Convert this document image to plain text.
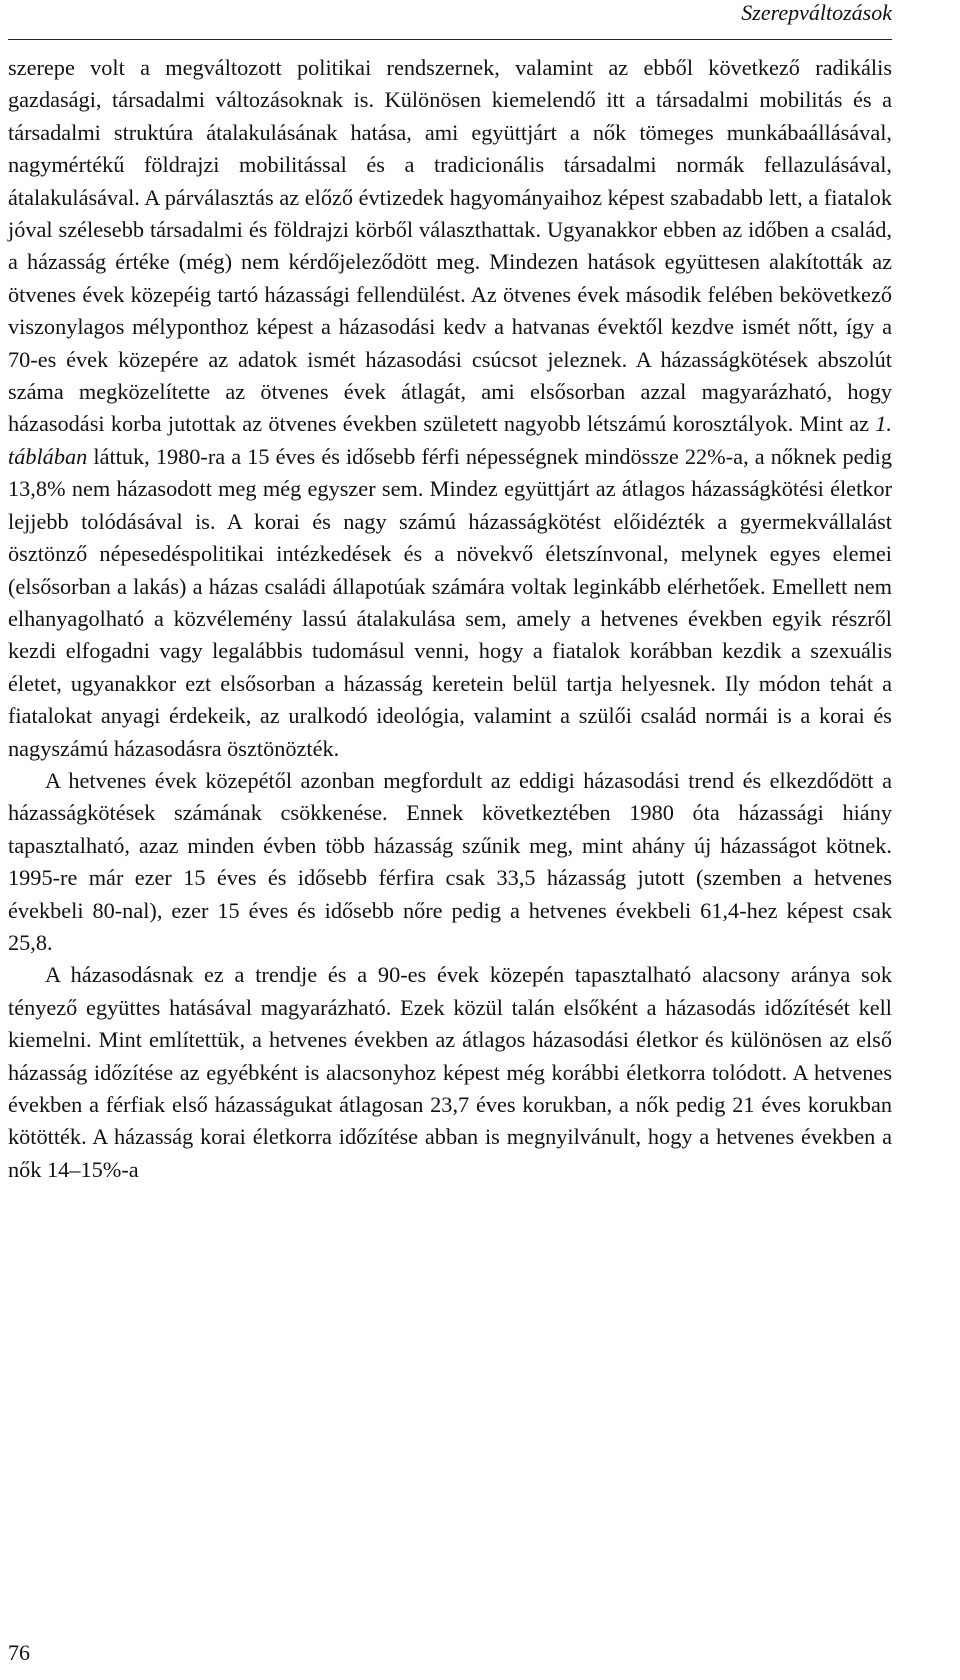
Szerepváltozások

szerepe volt a megváltozott politikai rendszernek, valamint az ebből következő radikális gazdasági, társadalmi változásoknak is. Különösen kiemelendő itt a társadalmi mobilitás és a társadalmi struktúra átalakulásának hatása, ami együttjárt a nők tömeges munkábaállásával, nagymértékű földrajzi mobilitással és a tradicionális társadalmi normák fellazulásával, átalakulásával. A párválasztás az előző évtizedek hagyományaihoz képest szabadabb lett, a fiatalok jóval szélesebb társadalmi és földrajzi körből választhattak. Ugyanakkor ebben az időben a család, a házasság értéke (még) nem kérdőjeleződött meg. Mindezen hatások együttesen alakították az ötvenes évek közepéig tartó házassági fellendülést. Az ötvenes évek második felében bekövetkező viszonylagos mélyponthoz képest a házasodási kedv a hatvanas évektől kezdve ismét nőtt, így a 70-es évek közepére az adatok ismét házasodási csúcsot jeleznek. A házasságkötések abszolút száma megközelítette az ötvenes évek átlagát, ami elsősorban azzal magyarázható, hogy házasodási korba jutottak az ötvenes években született nagyobb létszámú korosztályok. Mint az 1. táblában láttuk, 1980-ra a 15 éves és idősebb férfi népességnek mindössze 22%-a, a nőknek pedig 13,8% nem házasodott meg még egyszer sem. Mindez együttjárt az átlagos házasságkötési életkor lejjebb tolódásával is. A korai és nagy számú házasságkötést előidézték a gyermekvállalást ösztönző népesedéspolitikai intézkedések és a növekvő életszínvonal, melynek egyes elemei (elsősorban a lakás) a házas családi állapotúak számára voltak leginkább elérhetőek. Emellett nem elhanyagolható a közvélemény lassú átalakulása sem, amely a hetvenes években egyik részről kezdi elfogadni vagy legalábbis tudomásul venni, hogy a fiatalok korábban kezdik a szexuális életet, ugyanakkor ezt elsősorban a házasság keretein belül tartja helyesnek. Ily módon tehát a fiatalokat anyagi érdekeik, az uralkodó ideológia, valamint a szülői család normái is a korai és nagyszámú házasodásra ösztönözték.

A hetvenes évek közepétől azonban megfordult az eddigi házasodási trend és elkezdődött a házasságkötések számának csökkenése. Ennek következtében 1980 óta házassági hiány tapasztalható, azaz minden évben több házasság szűnik meg, mint ahány új házasságot kötnek. 1995-re már ezer 15 éves és idősebb férfira csak 33,5 házasság jutott (szemben a hetvenes évekbeli 80-nal), ezer 15 éves és idősebb nőre pedig a hetvenes évekbeli 61,4-hez képest csak 25,8.

A házasodásnak ez a trendje és a 90-es évek közepén tapasztalható alacsony aránya sok tényező együttes hatásával magyarázható. Ezek közül talán elsőként a házasodás időzítését kell kiemelni. Mint említettük, a hetvenes években az átlagos házasodási életkor és különösen az első házasság időzítése az egyébként is alacsonyhoz képest még korábbi életkorra tolódott. A hetvenes években a férfiak első házasságukat átlagosan 23,7 éves korukban, a nők pedig 21 éves korukban kötötték. A házasság korai életkorra időzítése abban is megnyilvánult, hogy a hetvenes években a nők 14–15%-a

76
